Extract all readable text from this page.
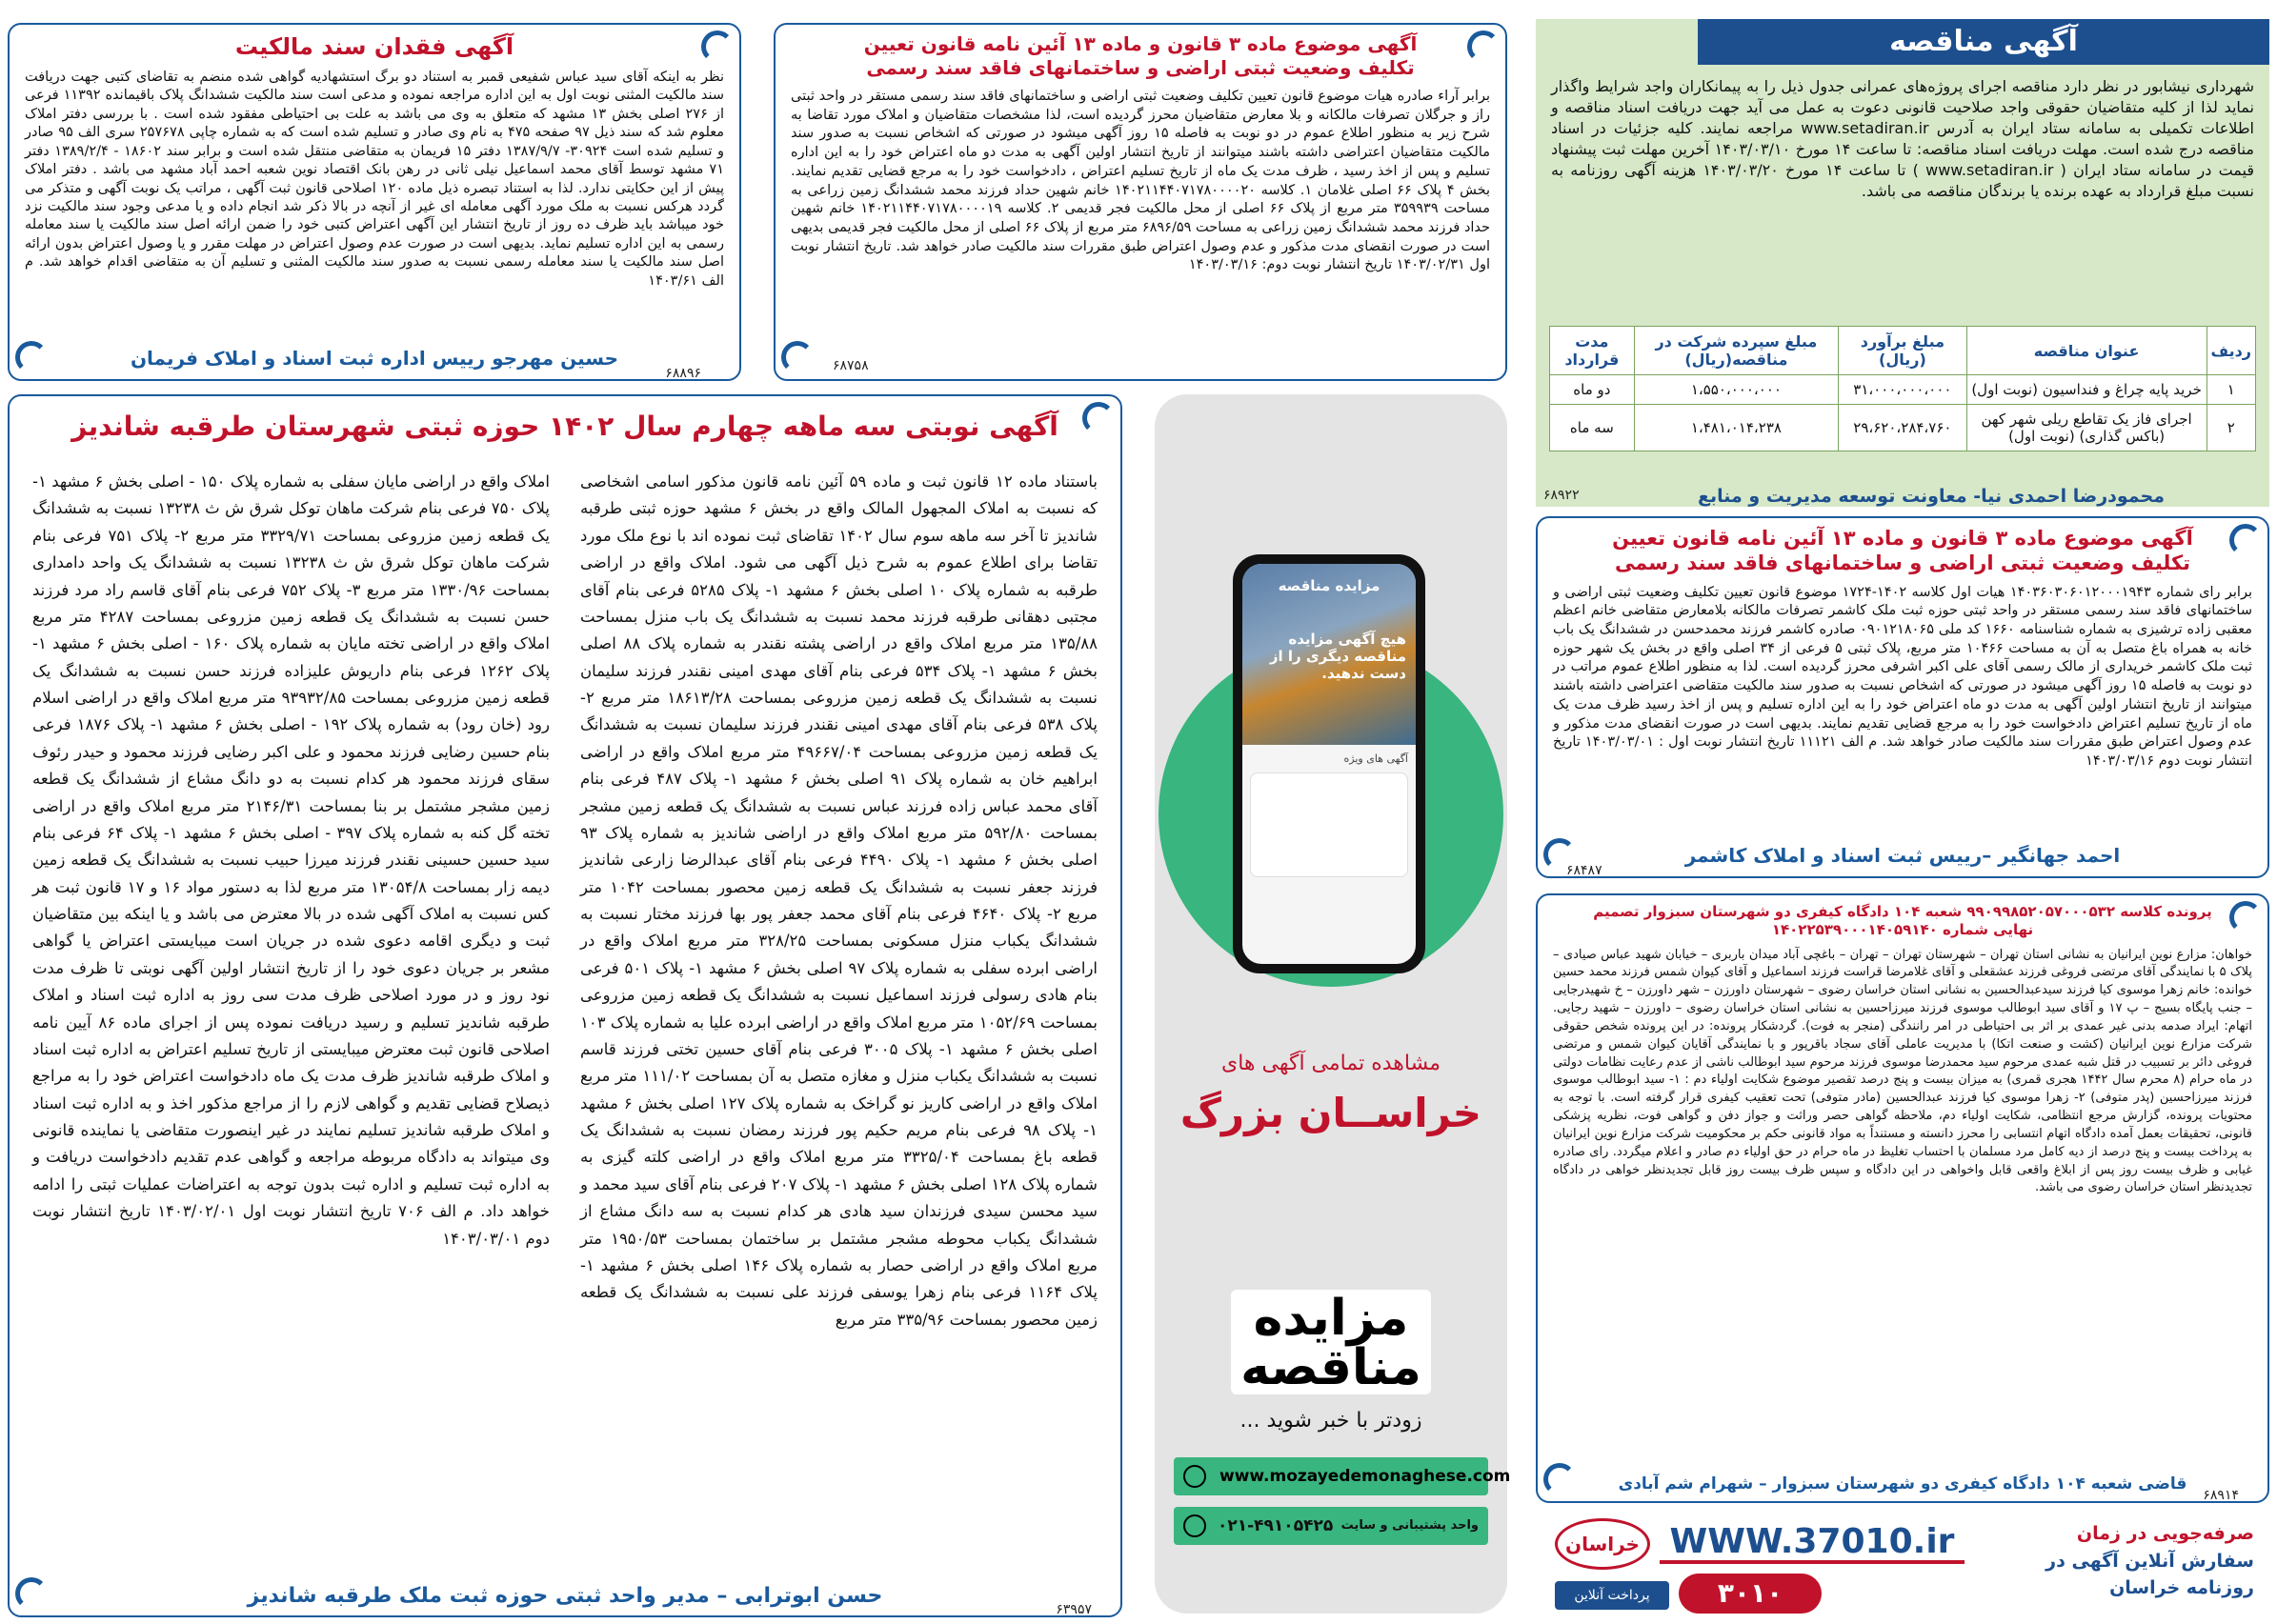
آگهی مناقصه
شهرداری نیشابور در نظر دارد مناقصه اجرای پروژه‌های عمرانی جدول ذیل را به پیمانکاران واجد شرایط واگذار نماید لذا از کلیه متقاضیان حقوقی واجد صلاحیت قانونی دعوت به عمل می آید جهت دریافت اسناد مناقصه و اطلاعات تکمیلی به سامانه ستاد ایران به آدرس www.setadiran.ir مراجعه نمایند. کلیه جزئیات در اسناد مناقصه درج شده است. مهلت دریافت اسناد مناقصه: تا ساعت ۱۴ مورخ ۱۴۰۳/۰۳/۱۰ آخرین مهلت ثبت پیشنهاد قیمت در سامانه ستاد ایران ( www.setadiran.ir ) تا ساعت ۱۴ مورخ ۱۴۰۳/۰۳/۲۰ هزینه آگهی روزنامه به نسبت مبلغ قرارداد به عهده برنده یا برندگان مناقصه می باشد.
ردیف	عنوان مناقصه	مبلغ برآورد (ریال)	مبلغ سپرده شرکت در مناقصه(ریال)	مدت قرارداد
۱	خرید پایه چراغ و فنداسیون (نوبت اول)	۳۱،۰۰۰،۰۰۰،۰۰۰	۱،۵۵۰،۰۰۰،۰۰۰	دو ماه
۲	اجرای فاز یک تقاطع ریلی شهر کهن (باکس گذاری) (نوبت اول)	۲۹،۶۲۰،۲۸۴،۷۶۰	۱،۴۸۱،۰۱۴،۲۳۸	سه ماه
محمودرضا احمدی نیا- معاونت توسعه مدیریت و منابع
۶۸۹۲۲
آگهی موضوع ماده ۳ قانون و ماده ۱۳ آئین نامه قانون تعیین تکلیف وضعیت ثبتی اراضی و ساختمانهای فاقد سند رسمی
برابر آراء صادره هیات موضوع قانون تعیین تکلیف وضعیت ثبتی اراضی و ساختمانهای فاقد سند رسمی مستقر در واحد ثبتی راز و جرگلان تصرفات مالکانه و بلا معارض متقاضیان محرز گردیده است، لذا مشخصات متقاضیان و املاک مورد تقاضا به شرح زیر به منظور اطلاع عموم در دو نوبت به فاصله ۱۵ روز آگهی میشود در صورتی که اشخاص نسبت به صدور سند مالکیت متقاضیان اعتراضی داشته باشند میتوانند از تاریخ انتشار اولین آگهی به مدت دو ماه اعتراض خود را به این اداره تسلیم و پس از اخذ رسید ، ظرف مدت یک ماه از تاریخ تسلیم اعتراض ، دادخواست خود را به مرجع قضایی تقدیم نمایند. بخش ۴ پلاک ۶۶ اصلی غلامان ۱. کلاسه ۱۴۰۲۱۱۴۴۰۷۱۷۸۰۰۰۰۲۰ خانم شهین حداد فرزند محمد ششدانگ زمین زراعی به مساحت ۳۵۹۹۳۹ متر مربع از پلاک ۶۶ اصلی از محل مالکیت فجر قدیمی ۲. کلاسه ۱۴۰۲۱۱۴۴۰۷۱۷۸۰۰۰۰۱۹ خانم شهین حداد فرزند محمد ششدانگ زمین زراعی به مساحت ۶۸۹۶/۵۹ متر مربع از پلاک ۶۶ اصلی از محل مالکیت فجر قدیمی بدیهی است در صورت انقضای مدت مذکور و عدم وصول اعتراض طبق مقررات سند مالکیت صادر خواهد شد. تاریخ انتشار نوبت اول ۱۴۰۳/۰۲/۳۱ تاریخ انتشار نوبت دوم: ۱۴۰۳/۰۳/۱۶
۶۸۷۵۸
آگهی فقدان سند مالکیت
نظر به اینکه آقای سید عباس شفیعی قمبر به استناد دو برگ استشهادیه گواهی شده منضم به تقاضای کتبی جهت دریافت سند مالکیت المثنی نوبت اول به این اداره مراجعه نموده و مدعی است سند مالکیت ششدانگ پلاک باقیمانده ۱۱۳۹۲ فرعی از ۲۷۶ اصلی بخش ۱۳ مشهد که متعلق به وی می باشد به علت بی احتیاطی مفقود شده است . با بررسی دفتر املاک معلوم شد که سند ذیل ۹۷ صفحه ۴۷۵ به نام وی صادر و تسلیم شده است که به شماره چاپی ۲۵۷۶۷۸ سری الف ۹۵ صادر و تسلیم شده است ۳۰۹۲۴- ۱۳۸۷/۹/۷ دفتر ۱۵ فریمان به متقاضی منتقل شده است و برابر سند ۱۸۶۰۲ - ۱۳۸۹/۲/۴ دفتر ۷۱ مشهد توسط آقای محمد اسماعیل نیلی ثانی در رهن بانک اقتصاد نوین شعبه احمد آباد مشهد می باشد . دفتر املاک پیش از این حکایتی ندارد. لذا به استناد تبصره ذیل ماده ۱۲۰ اصلاحی قانون ثبت آگهی ، مراتب یک نوبت آگهی و متذکر می گردد هرکس نسبت به ملک مورد آگهی معامله ای غیر از آنچه در بالا ذکر شد انجام داده و یا مدعی وجود سند مالکیت نزد خود میباشد باید ظرف ده روز از تاریخ انتشار این آگهی اعتراض کتبی خود را ضمن ارائه اصل سند مالکیت یا سند معامله رسمی به این اداره تسلیم نماید. بدیهی است در صورت عدم وصول اعتراض در مهلت مقرر و یا وصول اعتراض بدون ارائه اصل سند مالکیت یا سند معامله رسمی نسبت به صدور سند مالکیت المثنی و تسلیم آن به متقاضی اقدام خواهد شد. م الف ۱۴۰۳/۶۱
حسین مهرجو رییس اداره ثبت اسناد و املاک فریمان
۶۸۸۹۶
آگهی موضوع ماده ۳ قانون و ماده ۱۳ آئین نامه قانون تعیین تکلیف وضعیت ثبتی اراضی و ساختمانهای فاقد سند رسمی
برابر رای شماره ۱۴۰۳۶۰۳۰۶۰۱۲۰۰۰۱۹۴۳ هیات اول کلاسه ۱۴۰۲-۱۷۲۴ موضوع قانون تعیین تکلیف وضعیت ثبتی اراضی و ساختمانهای فاقد سند رسمی مستقر در واحد ثبتی حوزه ثبت ملک کاشمر تصرفات مالکانه بلامعارض متقاضی خانم اعظم معقبی زاده ترشیزی به شماره شناسنامه ۱۶۶۰ کد ملی ۰۹۰۱۲۱۸۰۶۵ صادره کاشمر فرزند محمدحسن در ششدانگ یک باب خانه به همراه باغ متصل به آن به مساحت ۱۰۴۶۶ متر مربع، پلاک ثبتی ۵ فرعی از ۳۴ اصلی واقع در بخش یک شهر حوزه ثبت ملک کاشمر خریداری از مالک رسمی آقای علی اکبر اشرفی محرز گردیده است. لذا به منظور اطلاع عموم مراتب در دو نوبت به فاصله ۱۵ روز آگهی میشود در صورتی که اشخاص نسبت به صدور سند مالکیت متقاضی اعتراضی داشته باشند میتوانند از تاریخ انتشار اولین آگهی به مدت دو ماه اعتراض خود را به این اداره تسلیم و پس از اخذ رسید ظرف مدت یک ماه از تاریخ تسلیم اعتراض دادخواست خود را به مرجع قضایی تقدیم نمایند. بدیهی است در صورت انقضای مدت مذکور و عدم وصول اعتراض طبق مقررات سند مالکیت صادر خواهد شد. م الف ۱۱۱۲۱ تاریخ انتشار نوبت اول : ۱۴۰۳/۰۳/۰۱ تاریخ انتشار نوبت دوم ۱۴۰۳/۰۳/۱۶
احمد جهانگیر –رییس ثبت اسناد و املاک کاشمر
۶۸۴۸۷
پرونده کلاسه ۹۹۰۹۹۸۵۲۰۵۷۰۰۰۵۳۲ شعبه ۱۰۴ دادگاه کیفری دو شهرستان سبزوار تصمیم نهایی شماره ۱۴۰۲۲۵۳۹۰۰۰۱۴۰۵۹۱۴۰
خواهان: مزارع نوین ایرانیان به نشانی استان تهران – شهرستان تهران – تهران – باغچی آباد میدان باربری – خیابان شهید عباس صیادی – پلاک ۵ با نمایندگی آقای مرتضی فروغی فرزند عشقعلی و آقای غلامرضا قراست فرزند اسماعیل و آقای کیوان شمس فرزند محمد حسین خوانده: خانم زهرا موسوی کیا فرزند سیدعبدالحسین به نشانی استان خراسان رضوی – شهرستان داورزن – شهر داورزن – خ شهیدرجایی – جنب پایگاه بسیج – پ ۱۷ و آقای سید ابوطالب موسوی فرزند میرزاحسین به نشانی استان خراسان رضوی – داورزن – شهید رجایی. اتهام: ایراد صدمه بدنی غیر عمدی بر اثر بی احتیاطی در امر رانندگی (منجر به فوت). گردشکار پرونده: در این پرونده شخص حقوقی شرکت مزارع نوین ایرانیان (کشت و صنعت اتکا) با مدیریت عاملی آقای سجاد باقرپور و با نمایندگی آقایان کیوان شمس و مرتضی فروغی دائر بر تسبیب در قتل شبه عمدی مرحوم سید محمدرضا موسوی فرزند مرحوم سید ابوطالب ناشی از عدم رعایت نظامات دولتی در ماه حرام (۸ محرم سال ۱۴۴۲ هجری قمری) به میزان بیست و پنج درصد تقصیر موضوع شکایت اولیاء دم : ۱- سید ابوطالب موسوی فرزند میرزاحسین (پدر متوفی) ۲- زهرا موسوی کیا فرزند عبدالحسین (مادر متوفی) تحت تعقیب کیفری قرار گرفته است. با توجه به محتویات پرونده، گزارش مرجع انتظامی، شکایت اولیاء دم، ملاحظه گواهی حصر وراثت و جواز دفن و گواهی فوت، نظریه پزشکی قانونی، تحقیقات بعمل آمده دادگاه اتهام انتسابی را محرز دانسته و مستنداً به مواد قانونی حکم بر محکومیت شرکت مزارع نوین ایرانیان به پرداخت بیست و پنج درصد از دیه کامل مرد مسلمان با احتساب تغلیظ در ماه حرام در حق اولیاء دم صادر و اعلام میگردد. رای صادره غیابی و ظرف بیست روز پس از ابلاغ واقعی قابل واخواهی در این دادگاه و سپس ظرف بیست روز قابل تجدیدنظر خواهی در دادگاه تجدیدنظر استان خراسان رضوی می باشد.
قاضی شعبه ۱۰۴ دادگاه کیفری دو شهرستان سبزوار – شهرام شم آبادی
۶۸۹۱۴
آگهی نوبتی سه ماهه چهارم سال ۱۴۰۲ حوزه ثبتی شهرستان طرقبه شاندیز
باستناد ماده ۱۲ قانون ثبت و ماده ۵۹ آئین نامه قانون مذکور اسامی اشخاصی که نسبت به املاک المجهول المالک واقع در بخش ۶ مشهد حوزه ثبتی طرقبه شاندیز تا آخر سه ماهه سوم سال ۱۴۰۲ تقاضای ثبت نموده اند با نوع ملک مورد تقاضا برای اطلاع عموم به شرح ذیل آگهی می شود. املاک واقع در اراضی طرقبه به شماره پلاک ۱۰ اصلی بخش ۶ مشهد ۱- پلاک ۵۲۸۵ فرعی بنام آقای مجتبی دهقانی طرقبه فرزند محمد نسبت به ششدانگ یک باب منزل بمساحت ۱۳۵/۸۸ متر مربع املاک واقع در اراضی پشته نقندر به شماره پلاک ۸۸ اصلی بخش ۶ مشهد ۱- پلاک ۵۳۴ فرعی بنام آقای مهدی امینی نقندر فرزند سلیمان نسبت به ششدانگ یک قطعه زمین مزروعی بمساحت ۱۸۶۱۳/۲۸ متر مربع ۲- پلاک ۵۳۸ فرعی بنام آقای مهدی امینی نقندر فرزند سلیمان نسبت به ششدانگ یک قطعه زمین مزروعی بمساحت ۴۹۶۶۷/۰۴ متر مربع املاک واقع در اراضی ابراهیم خان به شماره پلاک ۹۱ اصلی بخش ۶ مشهد ۱- پلاک ۴۸۷ فرعی بنام آقای محمد عباس زاده فرزند عباس نسبت به ششدانگ یک قطعه زمین مشجر بمساحت ۵۹۲/۸۰ متر مربع املاک واقع در اراضی شاندیز به شماره پلاک ۹۳ اصلی بخش ۶ مشهد ۱- پلاک ۴۴۹۰ فرعی بنام آقای عبدالرضا زارعی شاندیز فرزند جعفر نسبت به ششدانگ یک قطعه زمین محصور بمساحت ۱۰۴۲ متر مربع ۲- پلاک ۴۶۴۰ فرعی بنام آقای محمد جعفر پور بها فرزند مختار نسبت به ششدانگ یکباب منزل مسکونی بمساحت ۳۲۸/۲۵ متر مربع املاک واقع در اراضی ابرده سفلی به شماره پلاک ۹۷ اصلی بخش ۶ مشهد ۱- پلاک ۵۰۱ فرعی بنام هادی رسولی فرزند اسماعیل نسبت به ششدانگ یک قطعه زمین مزروعی بمساحت ۱۰۵۲/۶۹ متر مربع املاک واقع در اراضی ابرده علیا به شماره پلاک ۱۰۳ اصلی بخش ۶ مشهد ۱- پلاک ۳۰۰۵ فرعی بنام آقای حسین تختی فرزند قاسم نسبت به ششدانگ یکباب منزل و مغازه متصل به آن بمساحت ۱۱۱/۰۲ متر مربع املاک واقع در اراضی کاریز نو گراخک به شماره پلاک ۱۲۷ اصلی بخش ۶ مشهد ۱- پلاک ۹۸ فرعی بنام مریم حکیم پور فرزند رمضان نسبت به ششدانگ یک قطعه باغ بمساحت ۳۳۲۵/۰۴ متر مربع املاک واقع در اراضی کلته گیزی به شماره پلاک ۱۲۸ اصلی بخش ۶ مشهد ۱- پلاک ۲۰۷ فرعی بنام آقای سید محمد و سید محسن سیدی فرزندان سید هادی هر کدام نسبت به سه دانگ مشاع از ششدانگ یکباب محوطه مشجر مشتمل بر ساختمان بمساحت ۱۹۵۰/۵۳ متر مربع املاک واقع در اراضی حصار به شماره پلاک ۱۴۶ اصلی بخش ۶ مشهد ۱- پلاک ۱۱۶۴ فرعی بنام زهرا یوسفی فرزند علی نسبت به ششدانگ یک قطعه زمین محصور بمساحت ۳۳۵/۹۶ متر مربع
املاک واقع در اراضی مایان سفلی به شماره پلاک ۱۵۰ - اصلی بخش ۶ مشهد ۱- پلاک ۷۵۰ فرعی بنام شرکت ماهان توکل شرق ش ث ۱۳۲۳۸ نسبت به ششدانگ یک قطعه زمین مزروعی بمساحت ۳۳۲۹/۷۱ متر مربع ۲- پلاک ۷۵۱ فرعی بنام شرکت ماهان توکل شرق ش ث ۱۳۲۳۸ نسبت به ششدانگ یک واحد دامداری بمساحت ۱۳۳۰/۹۶ متر مربع ۳- پلاک ۷۵۲ فرعی بنام آقای قاسم راد مرد فرزند حسن نسبت به ششدانگ یک قطعه زمین مزروعی بمساحت ۴۲۸۷ متر مربع املاک واقع در اراضی تخته مایان به شماره پلاک ۱۶۰ - اصلی بخش ۶ مشهد ۱- پلاک ۱۲۶۲ فرعی بنام داریوش علیزاده فرزند حسن نسبت به ششدانگ یک قطعه زمین مزروعی بمساحت ۹۳۹۳۲/۸۵ متر مربع املاک واقع در اراضی اسلام رود (خان رود) به شماره پلاک ۱۹۲ - اصلی بخش ۶ مشهد ۱- پلاک ۱۸۷۶ فرعی بنام حسین رضایی فرزند محمود و علی اکبر رضایی فرزند محمود و حیدر رئوف سقای فرزند محمود هر کدام نسبت به دو دانگ مشاع از ششدانگ یک قطعه زمین مشجر مشتمل بر بنا بمساحت ۲۱۴۶/۳۱ متر مربع املاک واقع در اراضی تخته گل کنه به شماره پلاک ۳۹۷ - اصلی بخش ۶ مشهد ۱- پلاک ۶۴ فرعی بنام سید حسین حسینی نقندر فرزند میرزا حبیب نسبت به ششدانگ یک قطعه زمین دیمه زار بمساحت ۱۳۰۵۴/۸ متر مربع لذا به دستور مواد ۱۶ و ۱۷ قانون ثبت هر کس نسبت به املاک آگهی شده در بالا معترض می باشد و یا اینکه بین متقاضیان ثبت و دیگری اقامه دعوی شده در جریان است میبایستی اعتراض یا گواهی مشعر بر جریان دعوی خود را از تاریخ انتشار اولین آگهی نوبتی تا ظرف مدت نود روز و در مورد اصلاحی ظرف مدت سی روز به اداره ثبت اسناد و املاک طرقبه شاندیز تسلیم و رسید دریافت نموده پس از اجرای ماده ۸۶ آیین نامه اصلاحی قانون ثبت معترض میبایستی از تاریخ تسلیم اعتراض به اداره ثبت اسناد و املاک طرقبه شاندیز ظرف مدت یک ماه دادخواست اعتراض خود را به مراجع ذیصلاح قضایی تقدیم و گواهی لازم را از مراجع مذکور اخذ و به اداره ثبت اسناد و املاک طرقبه شاندیز تسلیم نمایند در غیر اینصورت متقاضی یا نماینده قانونی وی میتواند به دادگاه مربوطه مراجعه و گواهی عدم تقدیم دادخواست دریافت و به اداره ثبت تسلیم و اداره ثبت بدون توجه به اعتراضات عملیات ثبتی را ادامه خواهد داد. م الف ۷۰۶ تاریخ انتشار نوبت اول ۱۴۰۳/۰۲/۰۱ تاریخ انتشار نوبت دوم ۱۴۰۳/۰۳/۰۱
حسن ابوترابی – مدیر واحد ثبتی حوزه ثبت ملک طرقبه شاندیز
۶۳۹۵۷
مزایده مناقصه
هیچ آگهی مزایده مناقصه دیگری را از دست ندهید.
آگهی های ویژه
مشاهده تمامی آگهی های
خراســان بزرگ
مزایده مناقصه
زودتر با خبر شوید ...
www.mozayedemonaghese.com
۰۲۱-۴۹۱۰۵۴۲۵ واحد پشتیبانی و سایت
خراسان WWW.37010.ir
۳۰۱۰
پرداخت آنلاین
صرفه‌جویی در زمان
سفارش آنلاین آگهی در
روزنامه خراسان
